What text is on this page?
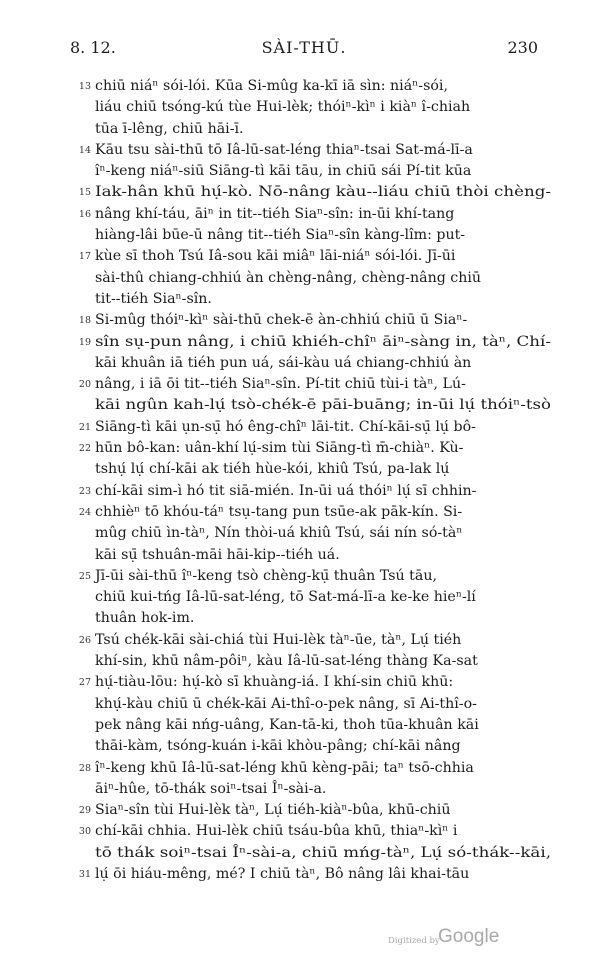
8. 12.	SÀI-THŪ.	230
13 chiū niáⁿ sói-lói. Kūa Si-mûg ka-kī iā sìn: niáⁿ-sói,
liáu chiū tsóng-kú tùe Hui-lèk; thóiⁿ-kìⁿ i kiàⁿ î-chiah
tūa ī-lêng, chiū hāi-ī.
14 Kāu tsu sài-thū tō Iâ-lū-sat-léng thiaⁿ-tsai Sat-má-lī-a
îⁿ-keng niáⁿ-siū Siāng-tì kāi tāu, in chiū sái Pí-tit kūa
15 Iak-hân khū hụ́-kò. Nō-nâng kàu--liáu chiū thòi chèng-
16 nâng khí-táu, āiⁿ in tit--tiéh Siaⁿ-sîn: in-ūi khí-tang
hiàng-lâi būe-ū nâng tit--tiéh Siaⁿ-sîn kàng-lîm: put-
17 kùe sī thoh Tsú Iâ-sou kāi miâⁿ lāi-niáⁿ sói-lói. Jī-ūi
sài-thû chiang-chhiú àn chèng-nâng, chèng-nâng chiū
tit--tiéh Siaⁿ-sîn.
18 Si-mûg thóiⁿ-kìⁿ sài-thū chek-ē àn-chhiú chiū ū Siaⁿ-
19 sîn sụ-pun nâng, i chiū khiéh-chîⁿ āiⁿ-sàng in, tàⁿ, Chí-
kāi khuân iā tiéh pun uá, sái-kàu uá chiang-chhiú àn
20 nâng, i iā ōi tit--tiéh Siaⁿ-sîn. Pí-tit chiū tùi-i tàⁿ, Lú-
kāi ngûn kah-lụ́ tsò-chék-ē pāi-buāng; in-ūi lụ́ thóiⁿ-tsò
21 Siāng-tì kāi ụn-sụ̄ hó êng-chîⁿ lāi-tit. Chí-kāi-sụ̄ lụ́ bô-
22 hūn bô-kan: uân-khí lụ́-sim tùi Siāng-tì m̄-chiàⁿ. Kù-
tshụ́ lụ́ chí-kāi ak tiéh hùe-kói, khiû Tsú, pa-lak lụ́
23 chí-kāi sim-ì hó tit siā-mién. In-ūi uá thóiⁿ lụ́ sī chhin-
24 chhièⁿ tō khóu-táⁿ tsụ-tang pun tsūe-ak pāk-kín. Si-
mûg chiū ìn-tàⁿ, Nín thòi-uá khiû Tsú, sái nín só-tàⁿ
kāi sụ̄ tshuân-māi hāi-kip--tiéh uá.
25 Jī-ūi sài-thū îⁿ-keng tsò chèng-kụ̄ thuân Tsú tāu,
chiū kui-tńg Iâ-lū-sat-léng, tō Sat-má-lī-a ke-ke hieⁿ-lí
thuân hok-im.
26 Tsú chék-kāi sài-chiá tùi Hui-lèk tàⁿ-ūe, tàⁿ, Lụ́ tiéh
khí-sin, khū nâm-pôiⁿ, kàu Iâ-lū-sat-léng thàng Ka-sat
27 hụ́-tiàu-lōu: hụ́-kò sī khuàng-iá. I khí-sin chiū khū:
khụ́-kàu chiū ū chék-kāi Ai-thî-o-pek nâng, sī Ai-thî-o-
pek nâng kāi nńg-uâng, Kan-tā-ki, thoh tūa-khuân kāi
thāi-kàm, tsóng-kuán i-kāi khòu-pâng; chí-kāi nâng
28 îⁿ-keng khū Iâ-lū-sat-léng khū kèng-pāi; taⁿ tsō-chhia
āiⁿ-hûe, tō-thák soiⁿ-tsai Îⁿ-sài-a.
29 Siaⁿ-sîn tùi Hui-lèk tàⁿ, Lụ́ tiéh-kiàⁿ-bûa, khū-chiū
30 chí-kāi chhia. Hui-lèk chiū tsáu-bûa khū, thiaⁿ-kìⁿ i
tō thák soiⁿ-tsai Îⁿ-sài-a, chiū mńg-tàⁿ, Lụ́ só-thák--kāi,
31 lụ́ ōi hiáu-mêng, mé? I chiū tàⁿ, Bô nâng lâi khai-tāu
Digitized by
Google
